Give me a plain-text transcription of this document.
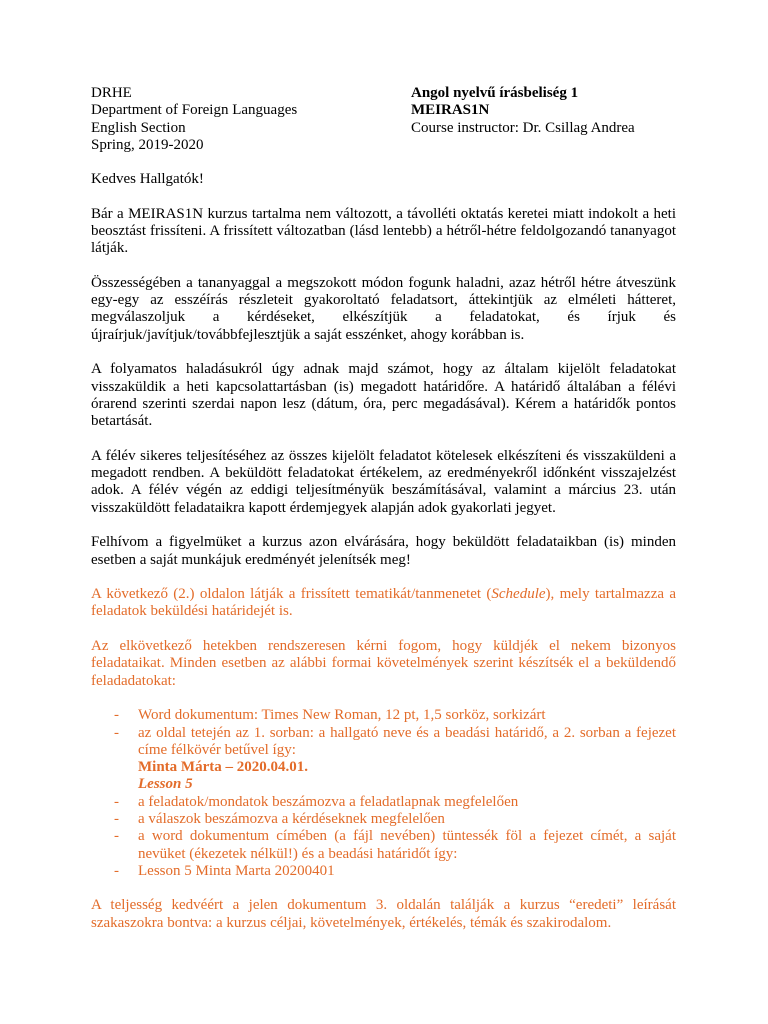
DRHE
Department of Foreign Languages
English Section
Spring, 2019-2020
Angol nyelvű írásbeliség 1
MEIRAS1N
Course instructor: Dr. Csillag Andrea

Kedves Hallgatók!

Bár a MEIRAS1N kurzus tartalma nem változott, a távolléti oktatás keretei miatt indokolt a heti beosztást frissíteni. A frissített változatban (lásd lentebb) a hétről-hétre feldolgozandó tananyagot látják.

Összességében a tananyaggal a megszokott módon fogunk haladni, azaz hétről hétre átveszünk egy-egy az esszéírás részleteit gyakoroltató feladatsort, áttekintjük az elméleti hátteret, megválaszoljuk a kérdéseket, elkészítjük a feladatokat, és írjuk és újraírjuk/javítjuk/továbbfejlesztjük a saját esszénket, ahogy korábban is.

A folyamatos haladásukról úgy adnak majd számot, hogy az általam kijelölt feladatokat visszaküldik a heti kapcsolattartásban (is) megadott határidőre. A határidő általában a félévi órarend szerinti szerdai napon lesz (dátum, óra, perc megadásával). Kérem a határidők pontos betartását.

A félév sikeres teljesítéséhez az összes kijelölt feladatot kötelesek elkészíteni és visszaküldeni a megadott rendben. A beküldött feladatokat értékelem, az eredményekről időnként visszajelzést adok. A félév végén az eddigi teljesítményük beszámításával, valamint a március 23. után visszaküldött feladataikra kapott érdemjegyek alapján adok gyakorlati jegyet.

Felhívom a figyelmüket a kurzus azon elvárására, hogy beküldött feladataikban (is) minden esetben a saját munkájuk eredményét jelenítsék meg!

A következő (2.) oldalon látják a frissített tematikát/tanmenetet (Schedule), mely tartalmazza a feladatok beküldési határidejét is.

Az elkövetkező hetekben rendszeresen kérni fogom, hogy küldjék el nekem bizonyos feladataikat. Minden esetben az alábbi formai követelmények szerint készítsék el a beküldendő feladadatokat:

- Word dokumentum: Times New Roman, 12 pt, 1,5 sorköz, sorkizárt
- az oldal tetején az 1. sorban: a hallgató neve és a beadási határidő, a 2. sorban a fejezet címe félkövér betűvel így:
Minta Márta – 2020.04.01.
Lesson 5
- a feladatok/mondatok beszámozva a feladatlapnak megfelelően
- a válaszok beszámozva a kérdéseknek megfelelően
- a word dokumentum címében (a fájl nevében) tüntessék föl a fejezet címét, a saját nevüket (ékezetek nélkül!) és a beadási határidőt így:
- Lesson 5 Minta Marta 20200401

A teljesség kedvéért a jelen dokumentum 3. oldalán találják a kurzus “eredeti” leírását szakaszokra bontva: a kurzus céljai, követelmények, értékelés, témák és szakirodalom.
